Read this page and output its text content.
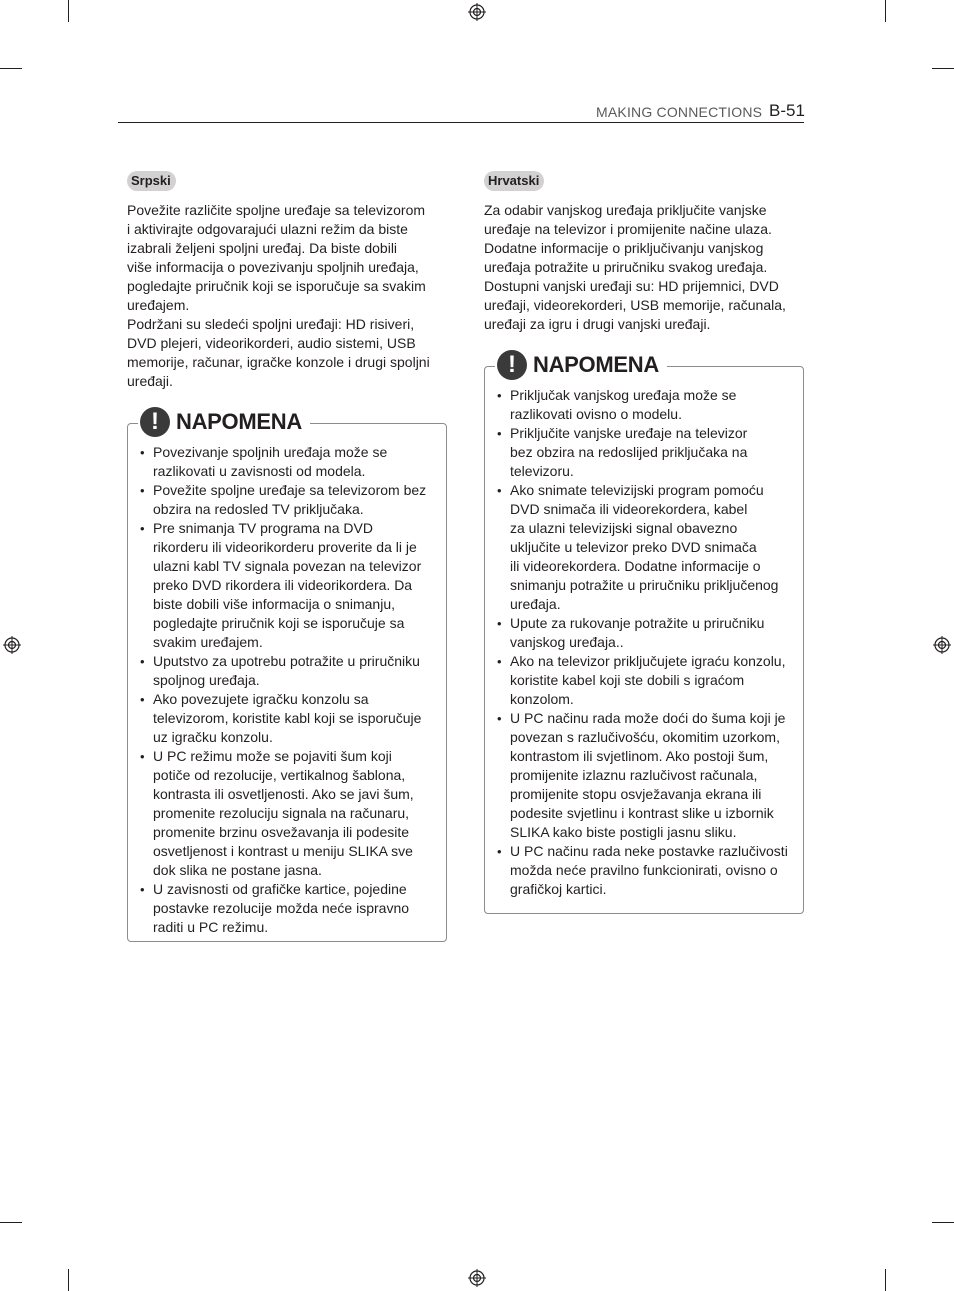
MAKING CONNECTIONS B-51
Srpski
Povežite različite spoljne uređaje sa televizorom
i aktivirajte odgovarajući ulazni režim da biste
izabrali željeni spoljni uređaj. Da biste dobili
više informacija o povezivanju spoljnih uređaja,
pogledajte priručnik koji se isporučuje sa svakim
uređajem.
Podržani su sledeći spoljni uređaji: HD risiveri,
DVD plejeri, videorikorderi, audio sistemi, USB
memorije, računar, igračke konzole i drugi spoljni
uređaji.
! NAPOMENA
• Povezivanje spoljnih uređaja može se
razlikovati u zavisnosti od modela.
• Povežite spoljne uređaje sa televizorom bez
obzira na redosled TV priključaka.
• Pre snimanja TV programa na DVD
rikorderu ili videorikorderu proverite da li je
ulazni kabl TV signala povezan na televizor
preko DVD rikordera ili videorikordera. Da
biste dobili više informacija o snimanju,
pogledajte priručnik koji se isporučuje sa
svakim uređajem.
• Uputstvo za upotrebu potražite u priručniku
spoljnog uređaja.
• Ako povezujete igračku konzolu sa
televizorom, koristite kabl koji se isporučuje
uz igračku konzolu.
• U PC režimu može se pojaviti šum koji
potiče od rezolucije, vertikalnog šablona,
kontrasta ili osvetljenosti. Ako se javi šum,
promenite rezoluciju signala na računaru,
promenite brzinu osvežavanja ili podesite
osvetljenost i kontrast u meniju SLIKA sve
dok slika ne postane jasna.
• U zavisnosti od grafičke kartice, pojedine
postavke rezolucije možda neće ispravno
raditi u PC režimu.
Hrvatski
Za odabir vanjskog uređaja priključite vanjske
uređaje na televizor i promijenite načine ulaza.
Dodatne informacije o priključivanju vanjskog
uređaja potražite u priručniku svakog uređaja.
Dostupni vanjski uređaji su: HD prijemnici, DVD
uređaji, videorekorderi, USB memorije, računala,
uređaji za igru i drugi vanjski uređaji.
! NAPOMENA
• Priključak vanjskog uređaja može se
razlikovati ovisno o modelu.
• Priključite vanjske uređaje na televizor
bez obzira na redoslijed priključaka na
televizoru.
• Ako snimate televizijski program pomoću
DVD snimača ili videorekordera, kabel
za ulazni televizijski signal obavezno
uključite u televizor preko DVD snimača
ili videorekordera. Dodatne informacije o
snimanju potražite u priručniku priključenog
uređaja.
• Upute za rukovanje potražite u priručniku
vanjskog uređaja..
• Ako na televizor priključujete igraću konzolu,
koristite kabel koji ste dobili s igraćom
konzolom.
• U PC načinu rada može doći do šuma koji je
povezan s razlučivošću, okomitim uzorkom,
kontrastom ili svjetlinom. Ako postoji šum,
promijenite izlaznu razlučivost računala,
promijenite stopu osvježavanja ekrana ili
podesite svjetlinu i kontrast slike u izbornik
SLIKA kako biste postigli jasnu sliku.
• U PC načinu rada neke postavke razlučivosti
možda neće pravilno funkcionirati, ovisno o
grafičkoj kartici.
